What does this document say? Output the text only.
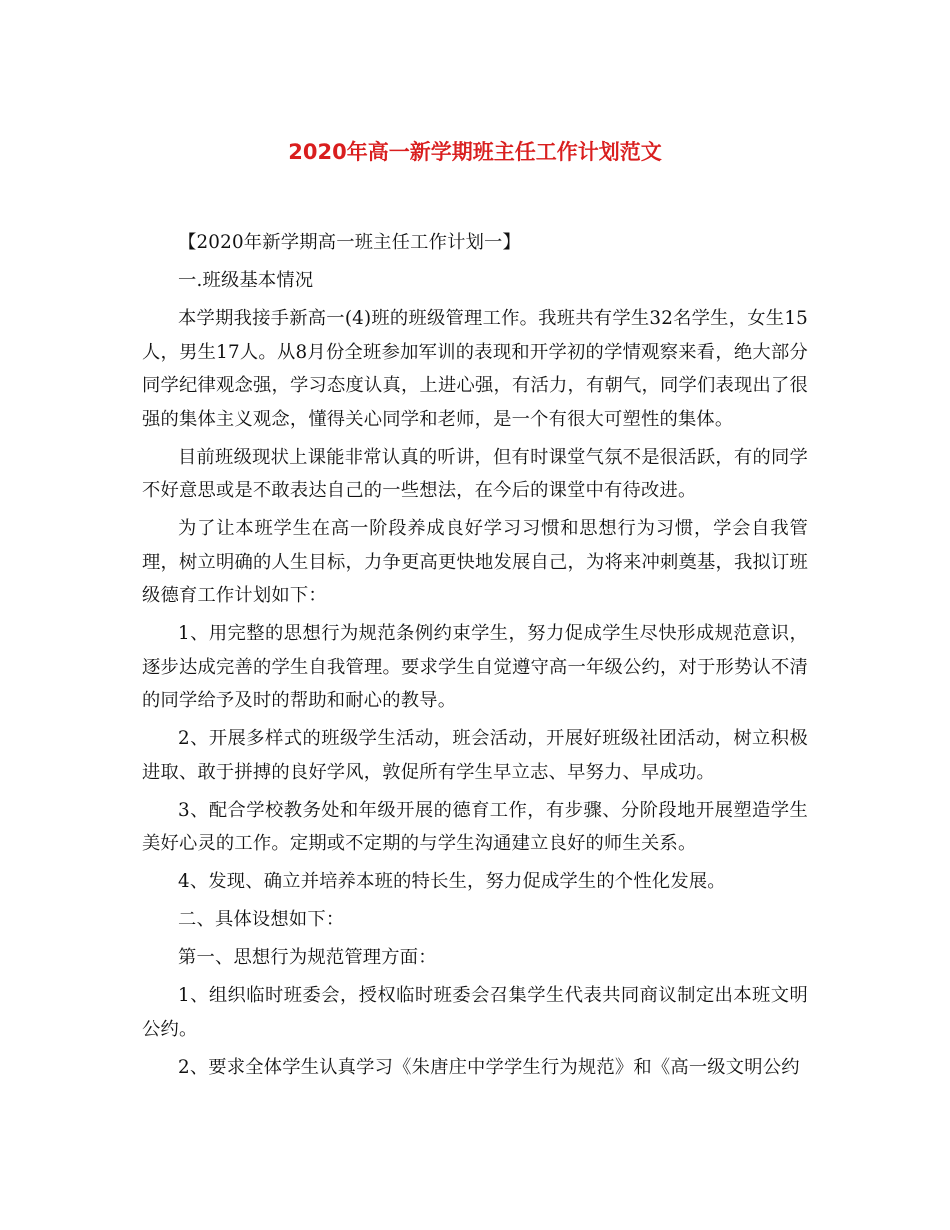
2020年高一新学期班主任工作计划范文

【2020年新学期高一班主任工作计划一】

一.班级基本情况

本学期我接手新高一(4)班的班级管理工作。我班共有学生32名学生，女生15人，男生17人。从8月份全班参加军训的表现和开学初的学情观察来看，绝大部分同学纪律观念强，学习态度认真，上进心强，有活力，有朝气，同学们表现出了很强的集体主义观念，懂得关心同学和老师，是一个有很大可塑性的集体。

目前班级现状上课能非常认真的听讲，但有时课堂气氛不是很活跃，有的同学不好意思或是不敢表达自己的一些想法，在今后的课堂中有待改进。

为了让本班学生在高一阶段养成良好学习习惯和思想行为习惯，学会自我管理，树立明确的人生目标，力争更高更快地发展自己，为将来冲刺奠基，我拟订班级德育工作计划如下：

1、用完整的思想行为规范条例约束学生，努力促成学生尽快形成规范意识，逐步达成完善的学生自我管理。要求学生自觉遵守高一年级公约，对于形势认不清的同学给予及时的帮助和耐心的教导。

2、开展多样式的班级学生活动，班会活动，开展好班级社团活动，树立积极进取、敢于拼搏的良好学风，敦促所有学生早立志、早努力、早成功。

3、配合学校教务处和年级开展的德育工作，有步骤、分阶段地开展塑造学生美好心灵的工作。定期或不定期的与学生沟通建立良好的师生关系。

4、发现、确立并培养本班的特长生，努力促成学生的个性化发展。

二、具体设想如下：

第一、思想行为规范管理方面：

1、组织临时班委会，授权临时班委会召集学生代表共同商议制定出本班文明公约。

2、要求全体学生认真学习《朱唐庄中学学生行为规范》和《高一级文明公约
